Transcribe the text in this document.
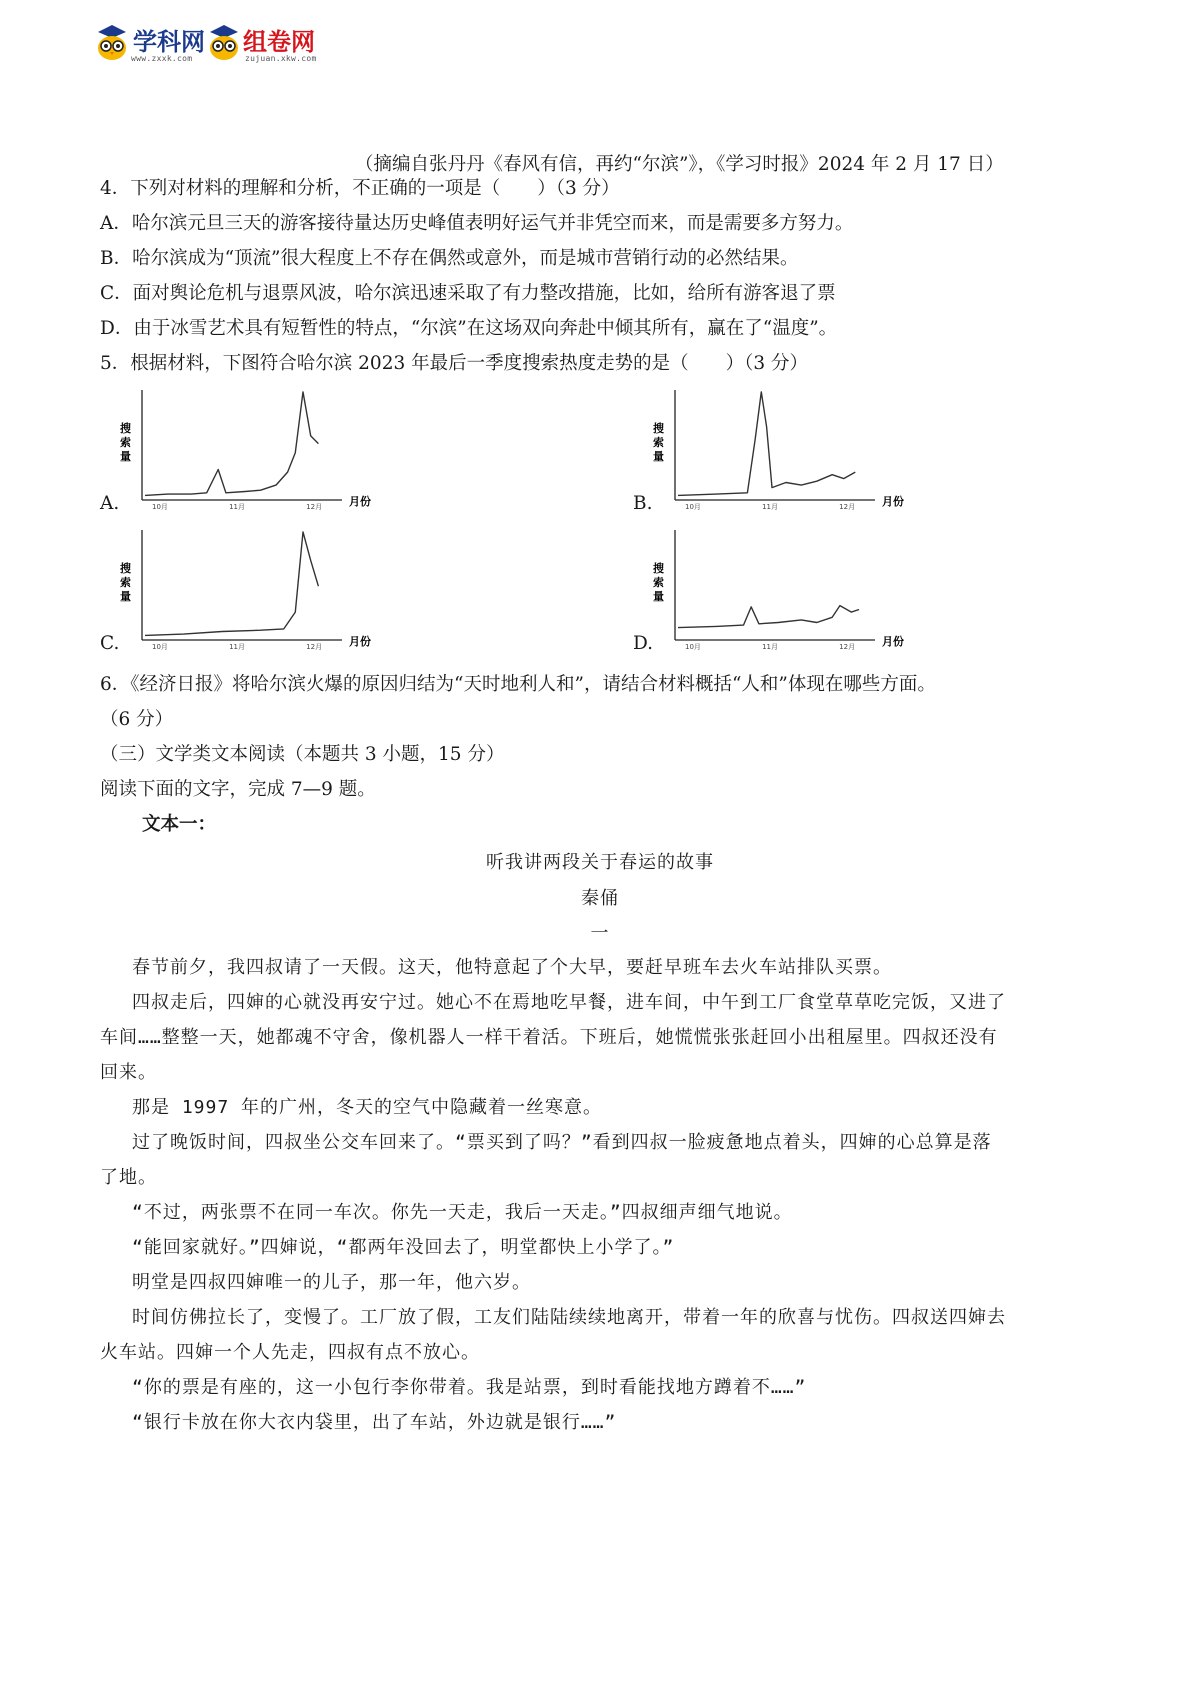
学科网
www.zxxk.com
组卷网
zujuan.xkw.com
（摘编自张丹丹《春风有信，再约“尔滨”》，《学习时报》2024 年 2 月 17 日）
4．下列对材料的理解和分析，不正确的一项是（　　）（3 分）
A．哈尔滨元旦三天的游客接待量达历史峰值表明好运气并非凭空而来，而是需要多方努力。
B．哈尔滨成为“顶流”很大程度上不存在偶然或意外，而是城市营销行动的必然结果。
C．面对舆论危机与退票风波，哈尔滨迅速采取了有力整改措施，比如，给所有游客退了票
D．由于冰雪艺术具有短暂性的特点，“尔滨”在这场双向奔赴中倾其所有，赢在了“温度”。
5．根据材料，下图符合哈尔滨 2023 年最后一季度搜索热度走势的是（　　）（3 分）
A.
搜
索
量
月份
10月	11月	12月	B.
搜
索
量
月份
10月	11月	12月
C.
搜
索
量
月份
10月	11月	12月	D.
搜
索
量
月份
10月	11月	12月
6．《经济日报》将哈尔滨火爆的原因归结为“天时地利人和”，请结合材料概括“人和”体现在哪些方面。
（6 分）
（三）文学类文本阅读（本题共 3 小题，15 分）
阅读下面的文字，完成 7—9 题。
文本一：
听我讲两段关于春运的故事
秦俑
一
春节前夕，我四叔请了一天假。这天，他特意起了个大早，要赶早班车去火车站排队买票。
四叔走后，四婶的心就没再安宁过。她心不在焉地吃早餐，进车间，中午到工厂食堂草草吃完饭，又进了
车间……整整一天，她都魂不守舍，像机器人一样干着活。下班后，她慌慌张张赶回小出租屋里。四叔还没有
回来。
那是 1997 年的广州，冬天的空气中隐藏着一丝寒意。
过了晚饭时间，四叔坐公交车回来了。“票买到了吗？”看到四叔一脸疲惫地点着头，四婶的心总算是落
了地。
“不过，两张票不在同一车次。你先一天走，我后一天走。”四叔细声细气地说。
“能回家就好。”四婶说，“都两年没回去了，明堂都快上小学了。”
明堂是四叔四婶唯一的儿子，那一年，他六岁。
时间仿佛拉长了，变慢了。工厂放了假，工友们陆陆续续地离开，带着一年的欣喜与忧伤。四叔送四婶去
火车站。四婶一个人先走，四叔有点不放心。
“你的票是有座的，这一小包行李你带着。我是站票，到时看能找地方蹲着不……”
“银行卡放在你大衣内袋里，出了车站，外边就是银行……”
